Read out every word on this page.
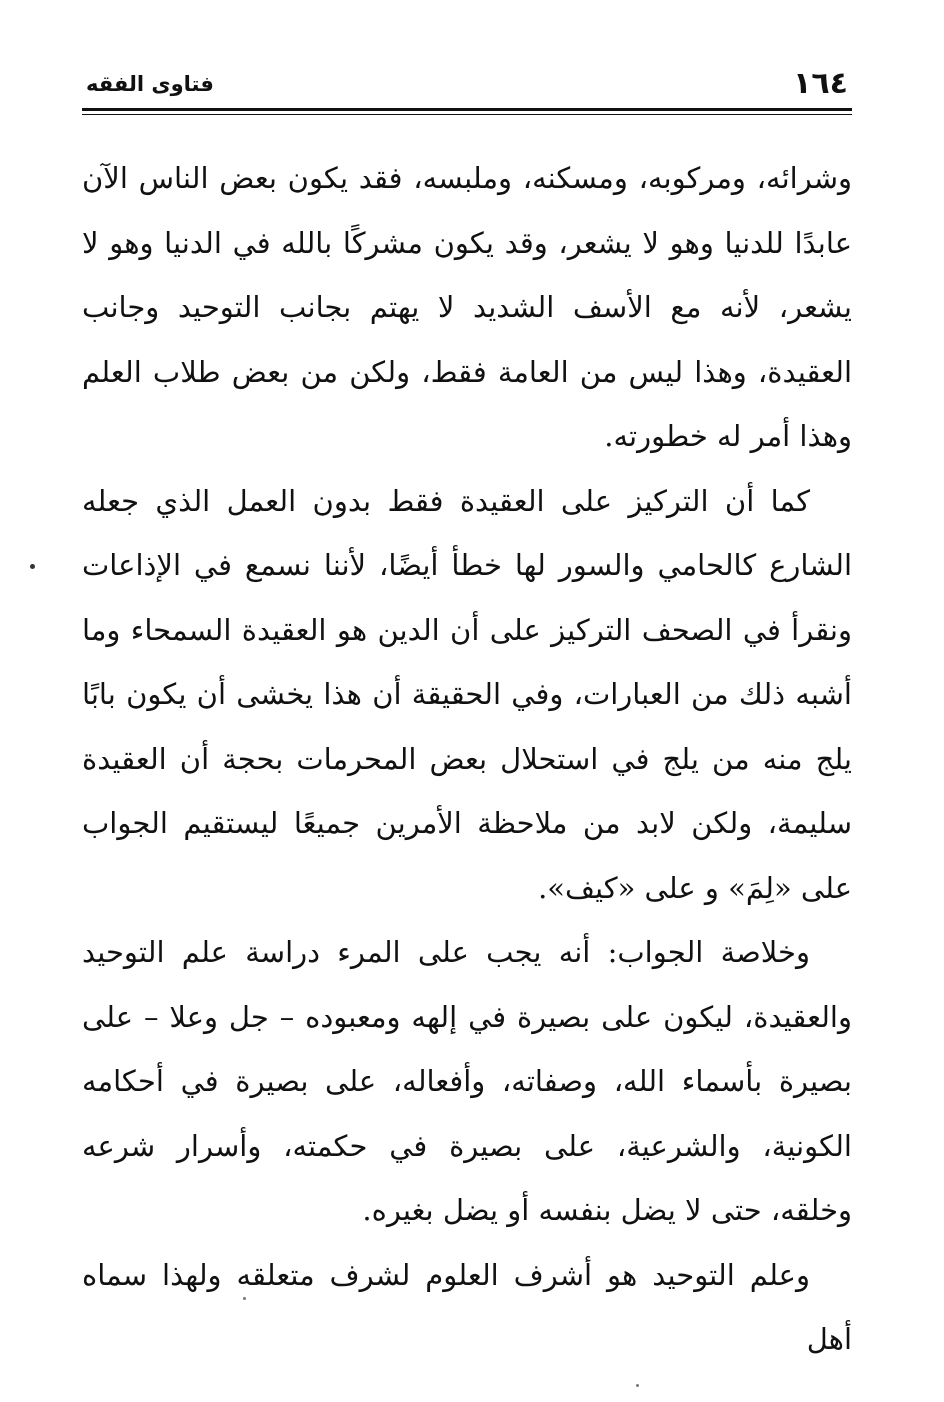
فتاوى الفقه	١٦٤

وشرائه، ومركوبه، ومسكنه، وملبسه، فقد يكون بعض الناس الآن عابدًا للدنيا وهو لا يشعر، وقد يكون مشركًا بالله في الدنيا وهو لا يشعر، لأنه مع الأسف الشديد لا يهتم بجانب التوحيد وجانب العقيدة، وهذا ليس من العامة فقط، ولكن من بعض طلاب العلم وهذا أمر له خطورته.

كما أن التركيز على العقيدة فقط بدون العمل الذي جعله الشارع كالحامي والسور لها خطأ أيضًا، لأننا نسمع في الإذاعات ونقرأ في الصحف التركيز على أن الدين هو العقيدة السمحاء وما أشبه ذلك من العبارات، وفي الحقيقة أن هذا يخشى أن يكون بابًا يلج منه من يلج في استحلال بعض المحرمات بحجة أن العقيدة سليمة، ولكن لابد من ملاحظة الأمرين جميعًا ليستقيم الجواب على «لِمَ» و على «كيف».

وخلاصة الجواب: أنه يجب على المرء دراسة علم التوحيد والعقيدة، ليكون على بصيرة في إلهه ومعبوده – جل وعلا – على بصيرة بأسماء الله، وصفاته، وأفعاله، على بصيرة في أحكامه الكونية، والشرعية، على بصيرة في حكمته، وأسرار شرعه وخلقه، حتى لا يضل بنفسه أو يضل بغيره.

وعلم التوحيد هو أشرف العلوم لشرف متعلقه ولهذا سماه أهل
